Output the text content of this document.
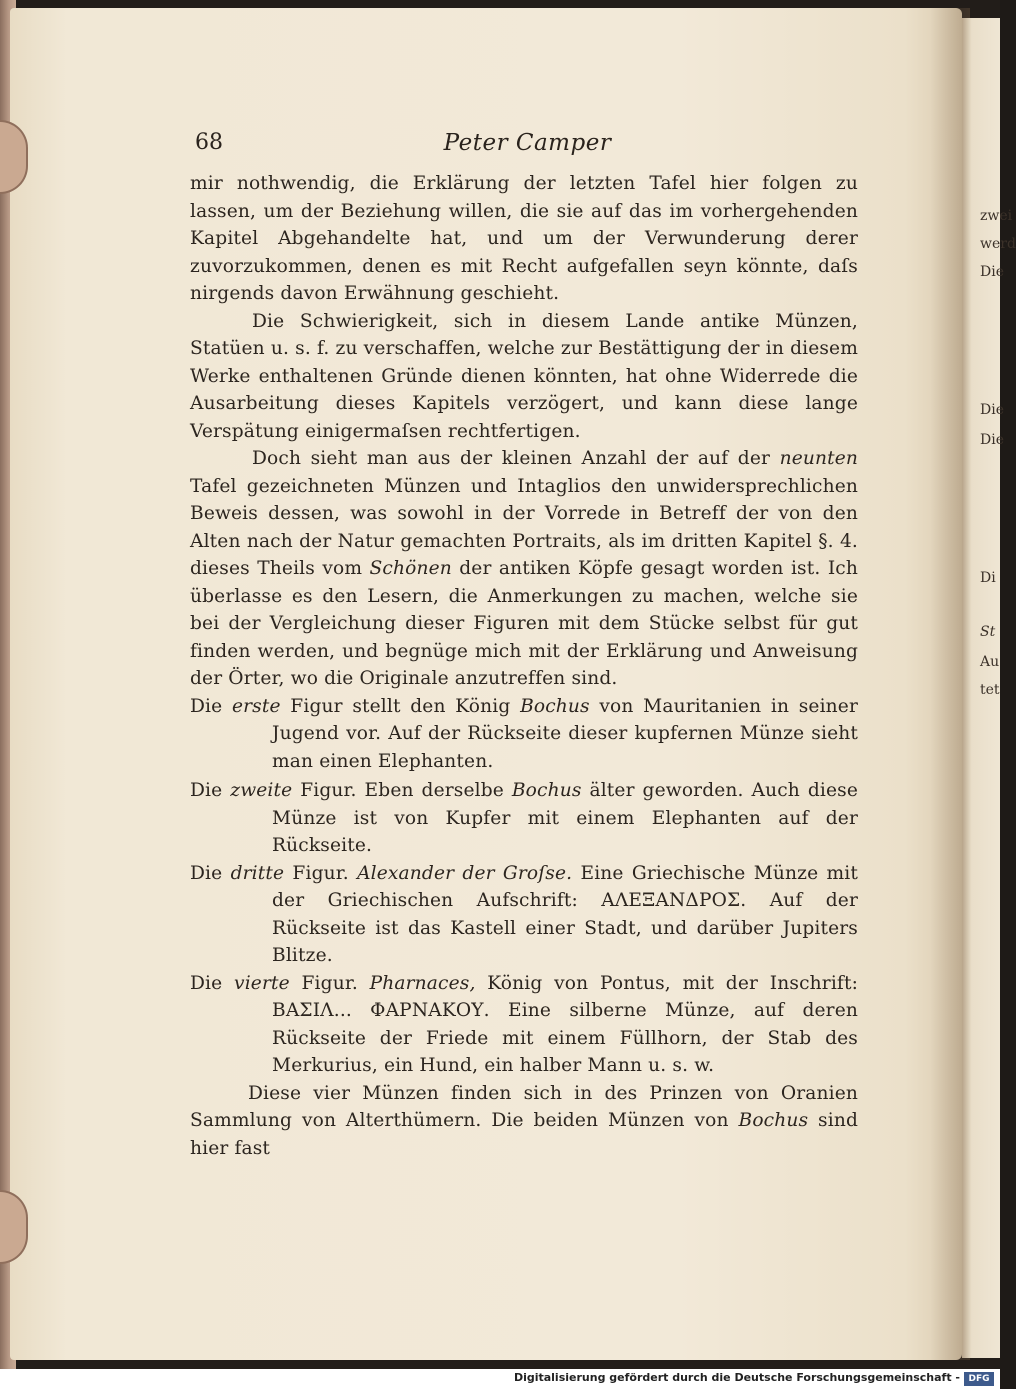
zwei
werd
Die
Die
Die
Di
St
Au
tet
68	Peter Camper

mir nothwendig, die Erklärung der letzten Tafel hier folgen zu lassen, um der Beziehung willen, die sie auf das im vorhergehenden Kapitel Abgehandelte hat, und um der Verwunderung derer zuvorzukommen, denen es mit Recht aufgefallen seyn könnte, daſs nirgends davon Erwähnung geschieht.

Die Schwierigkeit, sich in diesem Lande antike Münzen, Statüen u. s. f. zu verschaffen, welche zur Bestättigung der in diesem Werke enthaltenen Gründe dienen könnten, hat ohne Widerrede die Ausarbeitung dieses Kapitels verzögert, und kann diese lange Verspätung einigermaſsen rechtfertigen.

Doch sieht man aus der kleinen Anzahl der auf der neunten Tafel gezeichneten Münzen und Intaglios den unwidersprechlichen Beweis dessen, was sowohl in der Vorrede in Betreff der von den Alten nach der Natur gemachten Portraits, als im dritten Kapitel §. 4. dieses Theils vom Schönen der antiken Köpfe gesagt worden ist. Ich überlasse es den Lesern, die Anmerkungen zu machen, welche sie bei der Vergleichung dieser Figuren mit dem Stücke selbst für gut finden werden, und begnüge mich mit der Erklärung und Anweisung der Örter, wo die Originale anzutreffen sind.

Die erste Figur stellt den König Bochus von Mauritanien in seiner Jugend vor. Auf der Rückseite dieser kupfernen Münze sieht man einen Elephanten.

Die zweite Figur. Eben derselbe Bochus älter geworden. Auch diese Münze ist von Kupfer mit einem Elephanten auf der Rückseite.

Die dritte Figur. Alexander der Groſse. Eine Griechische Münze mit der Griechischen Aufschrift: ΑΛΕΞΑΝΔΡΟΣ. Auf der Rückseite ist das Kastell einer Stadt, und darüber Jupiters Blitze.

Die vierte Figur. Pharnaces, König von Pontus, mit der Inschrift: ΒΑΣΙΛ... ΦΑΡΝΑΚΟΥ. Eine silberne Münze, auf deren Rückseite der Friede mit einem Füllhorn, der Stab des Merkurius, ein Hund, ein halber Mann u. s. w.

Diese vier Münzen finden sich in des Prinzen von Oranien Sammlung von Alterthümern. Die beiden Münzen von Bochus sind hier fast

Digitalisierung gefördert durch die Deutsche Forschungsgemeinschaft - DFG
